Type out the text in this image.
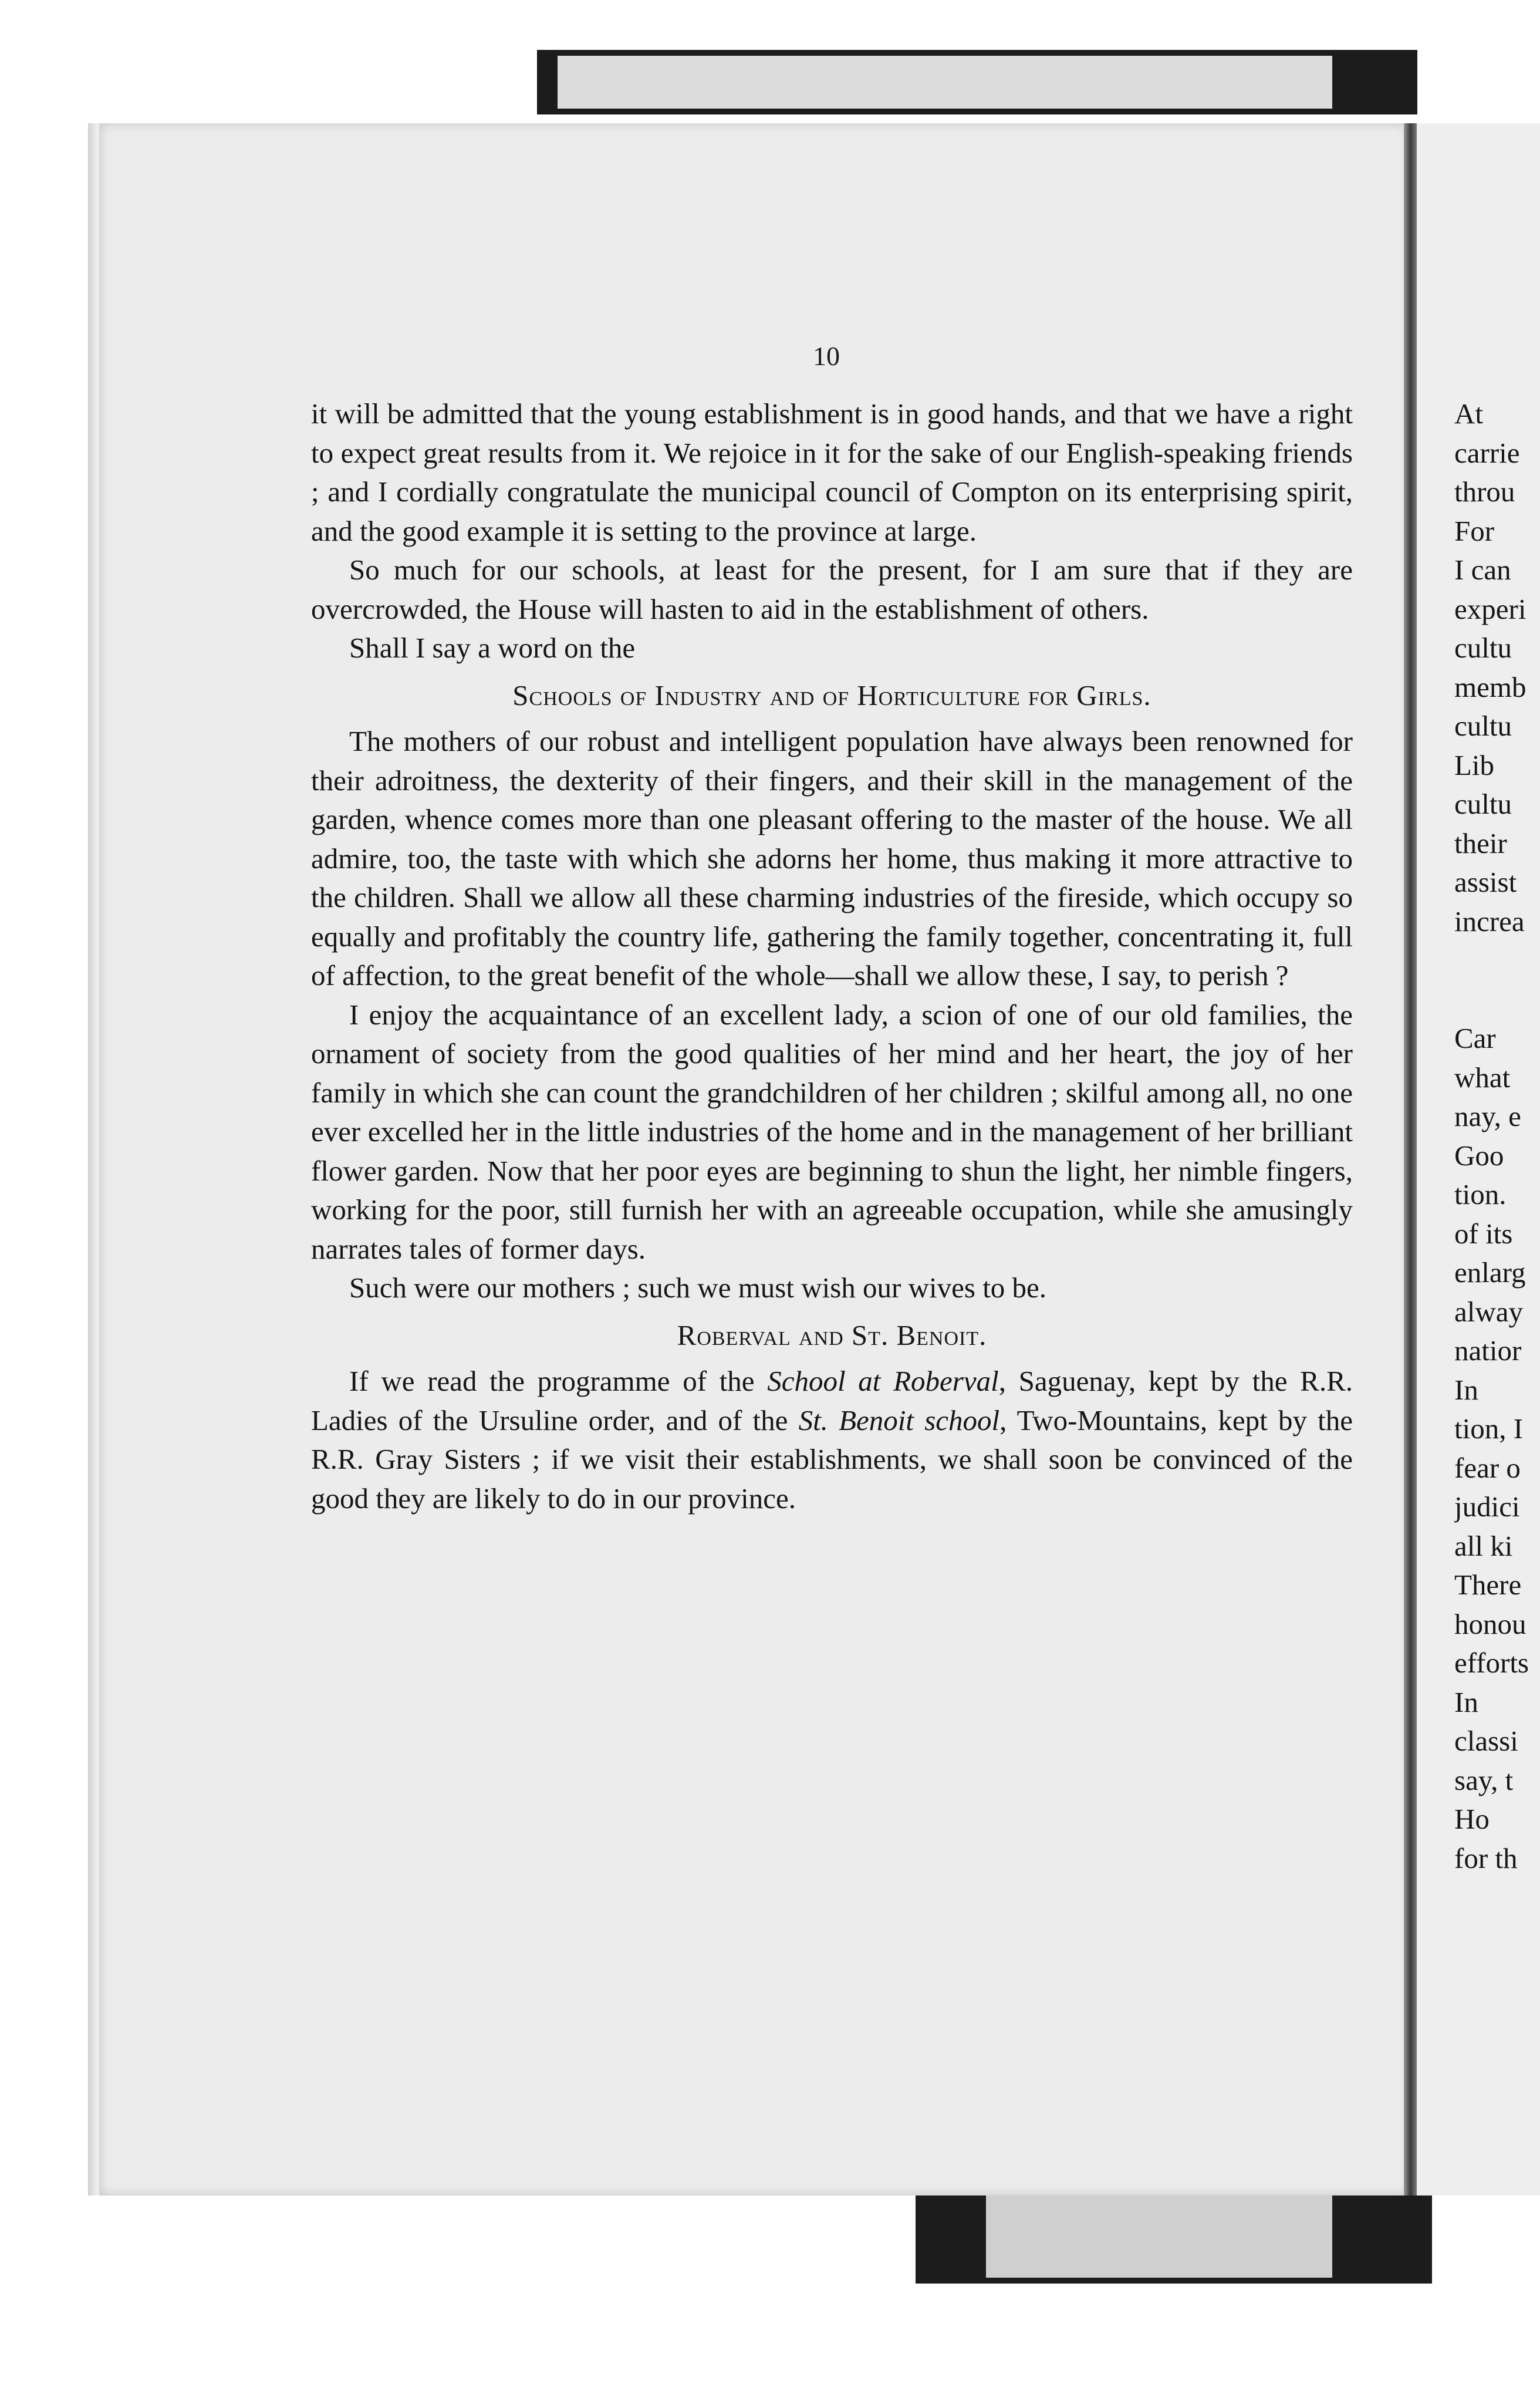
10

it will be admitted that the young establishment is in good hands, and that we have a right to expect great results from it. We rejoice in it for the sake of our English-speaking friends ; and I cordially congratulate the municipal council of Compton on its enterprising spirit, and the good example it is setting to the province at large.

So much for our schools, at least for the present, for I am sure that if they are overcrowded, the House will hasten to aid in the establishment of others.

Shall I say a word on the

Schools of Industry and of Horticulture for Girls.

The mothers of our robust and intelligent population have always been renowned for their adroitness, the dexterity of their fingers, and their skill in the management of the garden, whence comes more than one pleasant offering to the master of the house. We all admire, too, the taste with which she adorns her home, thus making it more attractive to the children. Shall we allow all these charming industries of the fireside, which occupy so equally and profitably the country life, gathering the family together, concentrating it, full of affection, to the great benefit of the whole—shall we allow these, I say, to perish ?

I enjoy the acquaintance of an excellent lady, a scion of one of our old families, the ornament of society from the good qualities of her mind and her heart, the joy of her family in which she can count the grandchildren of her children ; skilful among all, no one ever excelled her in the little industries of the home and in the management of her brilliant flower garden. Now that her poor eyes are beginning to shun the light, her nimble fingers, working for the poor, still furnish her with an agreeable occupation, while she amusingly narrates tales of former days.

Such were our mothers ; such we must wish our wives to be.

Roberval and St. Benoit.

If we read the programme of the School at Roberval, Saguenay, kept by the R.R. Ladies of the Ursuline order, and of the St. Benoit school, Two-Mountains, kept by the R.R. Gray Sisters ; if we visit their establishments, we shall soon be convinced of the good they are likely to do in our province.

At
carrie
throu
For
I can
experi
cultu
memb
cultu
Lib
cultu
their
assist
increa
Car
what
nay, e
Goo
tion.
of its
enlarg
alway
natior
In
tion, I
fear o
judici
all ki
There
honou
efforts
In
classi
say, t
Ho
for th
